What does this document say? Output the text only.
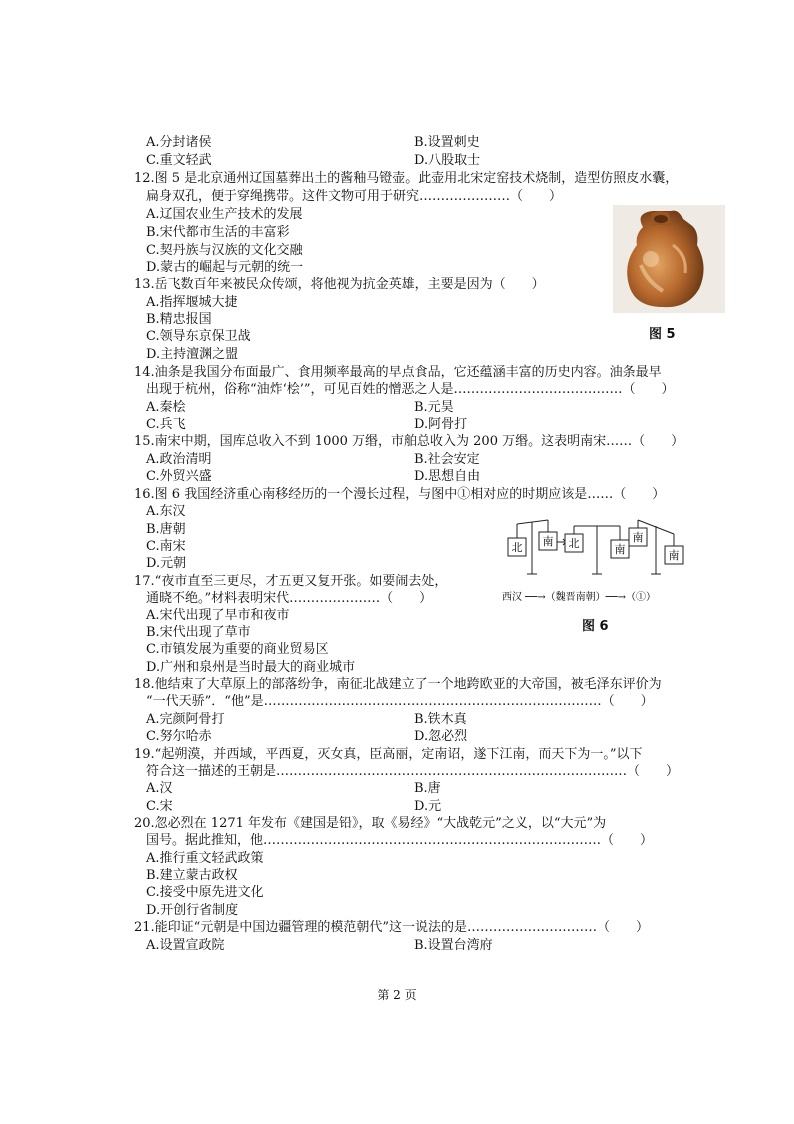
A.分封诸侯	B.设置刺史
C.重文轻武	D.八股取士
12.图 5 是北京通州辽国墓葬出土的酱釉马镫壶。此壶用北宋定窑技术烧制，造型仿照皮水囊，
扁身双孔，便于穿绳携带。这件文物可用于研究…………………（　　）
A.辽国农业生产技术的发展
B.宋代都市生活的丰富彩
C.契丹族与汉族的文化交融
D.蒙古的崛起与元朝的统一
图 5
13.岳飞数百年来被民众传颂，将他视为抗金英雄，主要是因为（　　）
A.指挥堰城大捷
B.精忠报国
C.领导东京保卫战
D.主持澶渊之盟
14.油条是我国分布面最广、食用频率最高的早点食品，它还蕴涵丰富的历史内容。油条最早
出现于杭州，俗称“油炸‘桧’”，可见百姓的憎恶之人是…………………………………（　　）
A.秦桧	B.元昊
C.兵飞	D.阿骨打
15.南宋中期，国库总收入不到 1000 万缗，市舶总收入为 200 万缗。这表明南宋……（　　）
A.政治清明	B.社会安定
C.外贸兴盛	D.思想自由
16.图 6 我国经济重心南移经历的一个漫长过程，与图中①相对应的时期应该是……（　　）
A.东汉
B.唐朝
C.南宋
D.元朝
北 南 北	南
南
南
西汉 ──→（魏晋南朝）──→（①）
图 6
17.“夜市直至三更尽，才五更又复开张。如要闹去处，
通晓不绝。”材料表明宋代…………………（　　）
A.宋代出现了早市和夜市
B.宋代出现了草市
C.市镇发展为重要的商业贸易区
D.广州和泉州是当时最大的商业城市
18.他结束了大草原上的部落纷争，南征北战建立了一个地跨欧亚的大帝国，被毛泽东评价为
“一代天骄”．“他”是……………………………………………………………………（　　）
A.完颜阿骨打	B.铁木真
C.努尔哈赤	D.忽必烈
19.“起朔漠，并西域，平西夏，灭女真，臣高丽，定南诏，遂下江南，而天下为一。”以下
符合这一描述的王朝是………………………………………………………………………（　　）
A.汉	B.唐
C.宋	D.元
20.忽必烈在 1271 年发布《建国是铅》，取《易经》“大战乾元”之义，以“大元”为
国号。据此推知，他……………………………………………………………………（　　）
A.推行重文轻武政策
B.建立蒙古政权
C.接受中原先进文化
D.开创行省制度
21.能印证“元朝是中国边疆管理的模范朝代”这一说法的是…………………………（　　）
A.设置宣政院	B.设置台湾府
第 2 页
